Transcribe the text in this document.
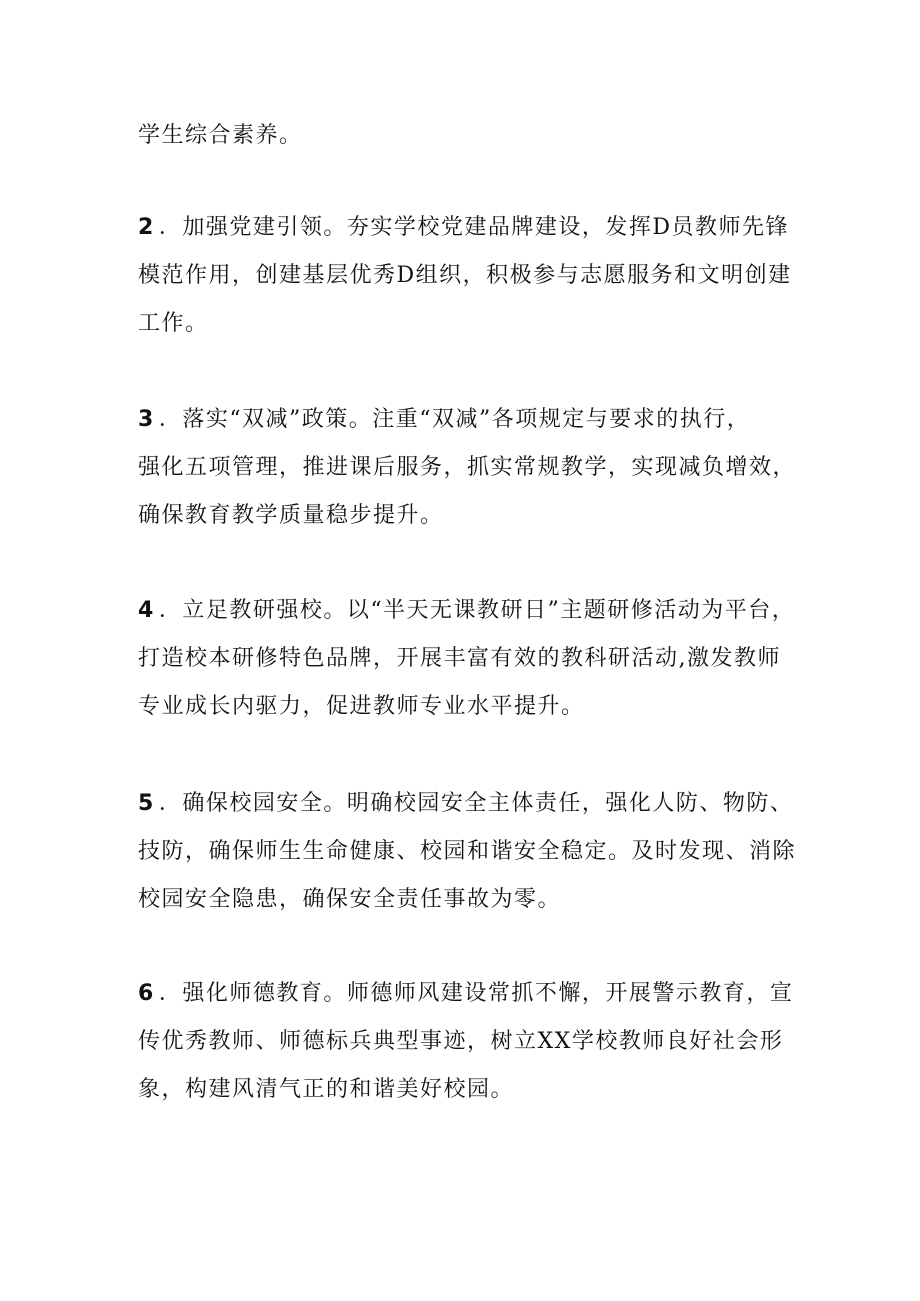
学生综合素养。
2 ．加强党建引领。夯实学校党建品牌建设，发挥D员教师先锋
模范作用，创建基层优秀D组织，积极参与志愿服务和文明创建
工作。
3 ．落实“双减”政策。注重“双减”各项规定与要求的执行，
强化五项管理，推进课后服务，抓实常规教学，实现减负增效，
确保教育教学质量稳步提升。
4 ．立足教研强校。以“半天无课教研日”主题研修活动为平台，
打造校本研修特色品牌，开展丰富有效的教科研活动,激发教师
专业成长内驱力，促进教师专业水平提升。
5 ．确保校园安全。明确校园安全主体责任，强化人防、物防、
技防，确保师生生命健康、校园和谐安全稳定。及时发现、消除
校园安全隐患，确保安全责任事故为零。
6 ．强化师德教育。师德师风建设常抓不懈，开展警示教育，宣
传优秀教师、师德标兵典型事迹，树立XX学校教师良好社会形
象，构建风清气正的和谐美好校园。
